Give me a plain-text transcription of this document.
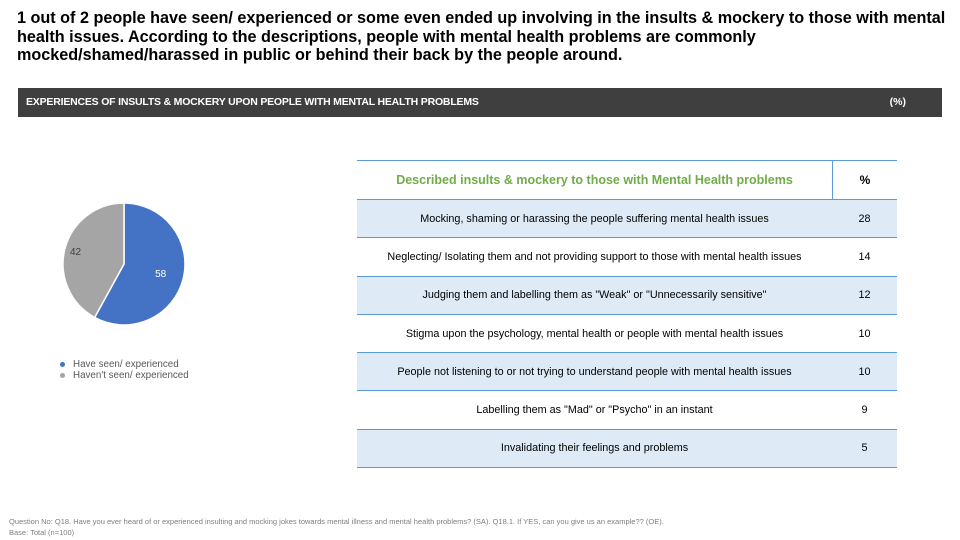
1 out of 2 people have seen/ experienced or some even ended up involving in the insults & mockery to those with mental health issues. According to the descriptions, people with mental health problems are commonly mocked/shamed/harassed in public or behind their back by the people around.
EXPERIENCES OF INSULTS & MOCKERY UPON PEOPLE WITH MENTAL HEALTH PROBLEMS	(%)
58
42
Have seen/ experienced
Haven't seen/ experienced
Described insults & mockery to those with Mental Health problems	%
Mocking, shaming or harassing the people suffering mental health issues	28
Neglecting/ Isolating them and not providing support to those with mental health issues	14
Judging them and labelling them as "Weak" or "Unnecessarily sensitive"	12
Stigma upon the psychology, mental health or people with mental health issues	10
People not listening to or not trying to understand people with mental health issues	10
Labelling them as "Mad" or "Psycho" in an instant	9
Invalidating their feelings and problems	5
Question No: Q18. Have you ever heard of or experienced insulting and mocking jokes towards mental illness and mental health problems? (SA). Q18.1. If YES, can you give us an example?? (OE).
Base: Total (n=100)
